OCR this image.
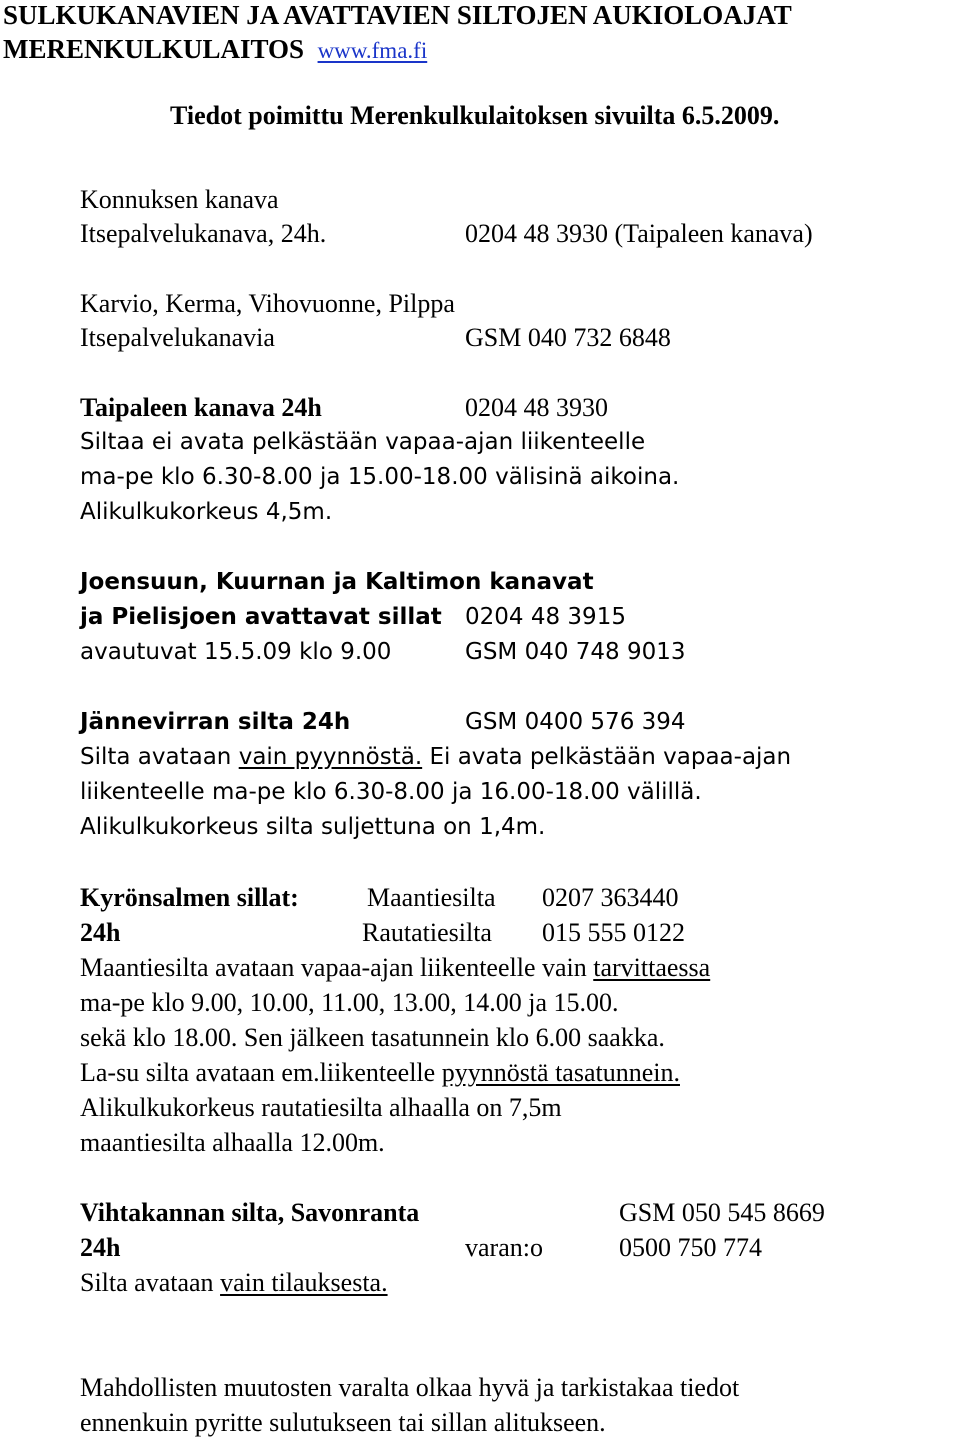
SULKUKANAVIEN JA AVATTAVIEN SILTOJEN AUKIOLOAJAT
MERENKULKULAITOS www.fma.fi
Tiedot poimittu Merenkulkulaitoksen sivuilta 6.5.2009.
Konnuksen kanava
Itsepalvelukanava, 24h.	0204 48 3930 (Taipaleen kanava)
Karvio, Kerma, Vihovuonne, Pilppa
Itsepalvelukanavia	GSM 040 732 6848
Taipaleen kanava 24h	0204 48 3930
Siltaa ei avata pelkästään vapaa-ajan liikenteelle
ma-pe klo 6.30-8.00 ja 15.00-18.00 välisinä aikoina.
Alikulkukorkeus 4,5m.
Joensuun, Kuurnan ja Kaltimon kanavat
ja Pielisjoen avattavat sillat 0204 48 3915
avautuvat 15.5.09 klo 9.00	GSM 040 748 9013
Jännevirran silta 24h	GSM 0400 576 394
Silta avataan vain pyynnöstä. Ei avata pelkästään vapaa-ajan
liikenteelle ma-pe klo 6.30-8.00 ja 16.00-18.00 välillä.
Alikulkukorkeus silta suljettuna on 1,4m.
Kyrönsalmen sillat:	Maantiesilta 0207 363440
24h	Rautatiesilta 015 555 0122
Maantiesilta avataan vapaa-ajan liikenteelle vain tarvittaessa
ma-pe klo 9.00, 10.00, 11.00, 13.00, 14.00 ja 15.00.
sekä klo 18.00. Sen jälkeen tasatunnein klo 6.00 saakka.
La-su silta avataan em.liikenteelle pyynnöstä tasatunnein.
Alikulkukorkeus rautatiesilta alhaalla on 7,5m
maantiesilta alhaalla 12.00m.
Vihtakannan silta, Savonranta	GSM 050 545 8669
24h	varan:o	0500 750 774
Silta avataan vain tilauksesta.
Mahdollisten muutosten varalta olkaa hyvä ja tarkistakaa tiedot
ennenkuin pyritte sulutukseen tai sillan alitukseen.
